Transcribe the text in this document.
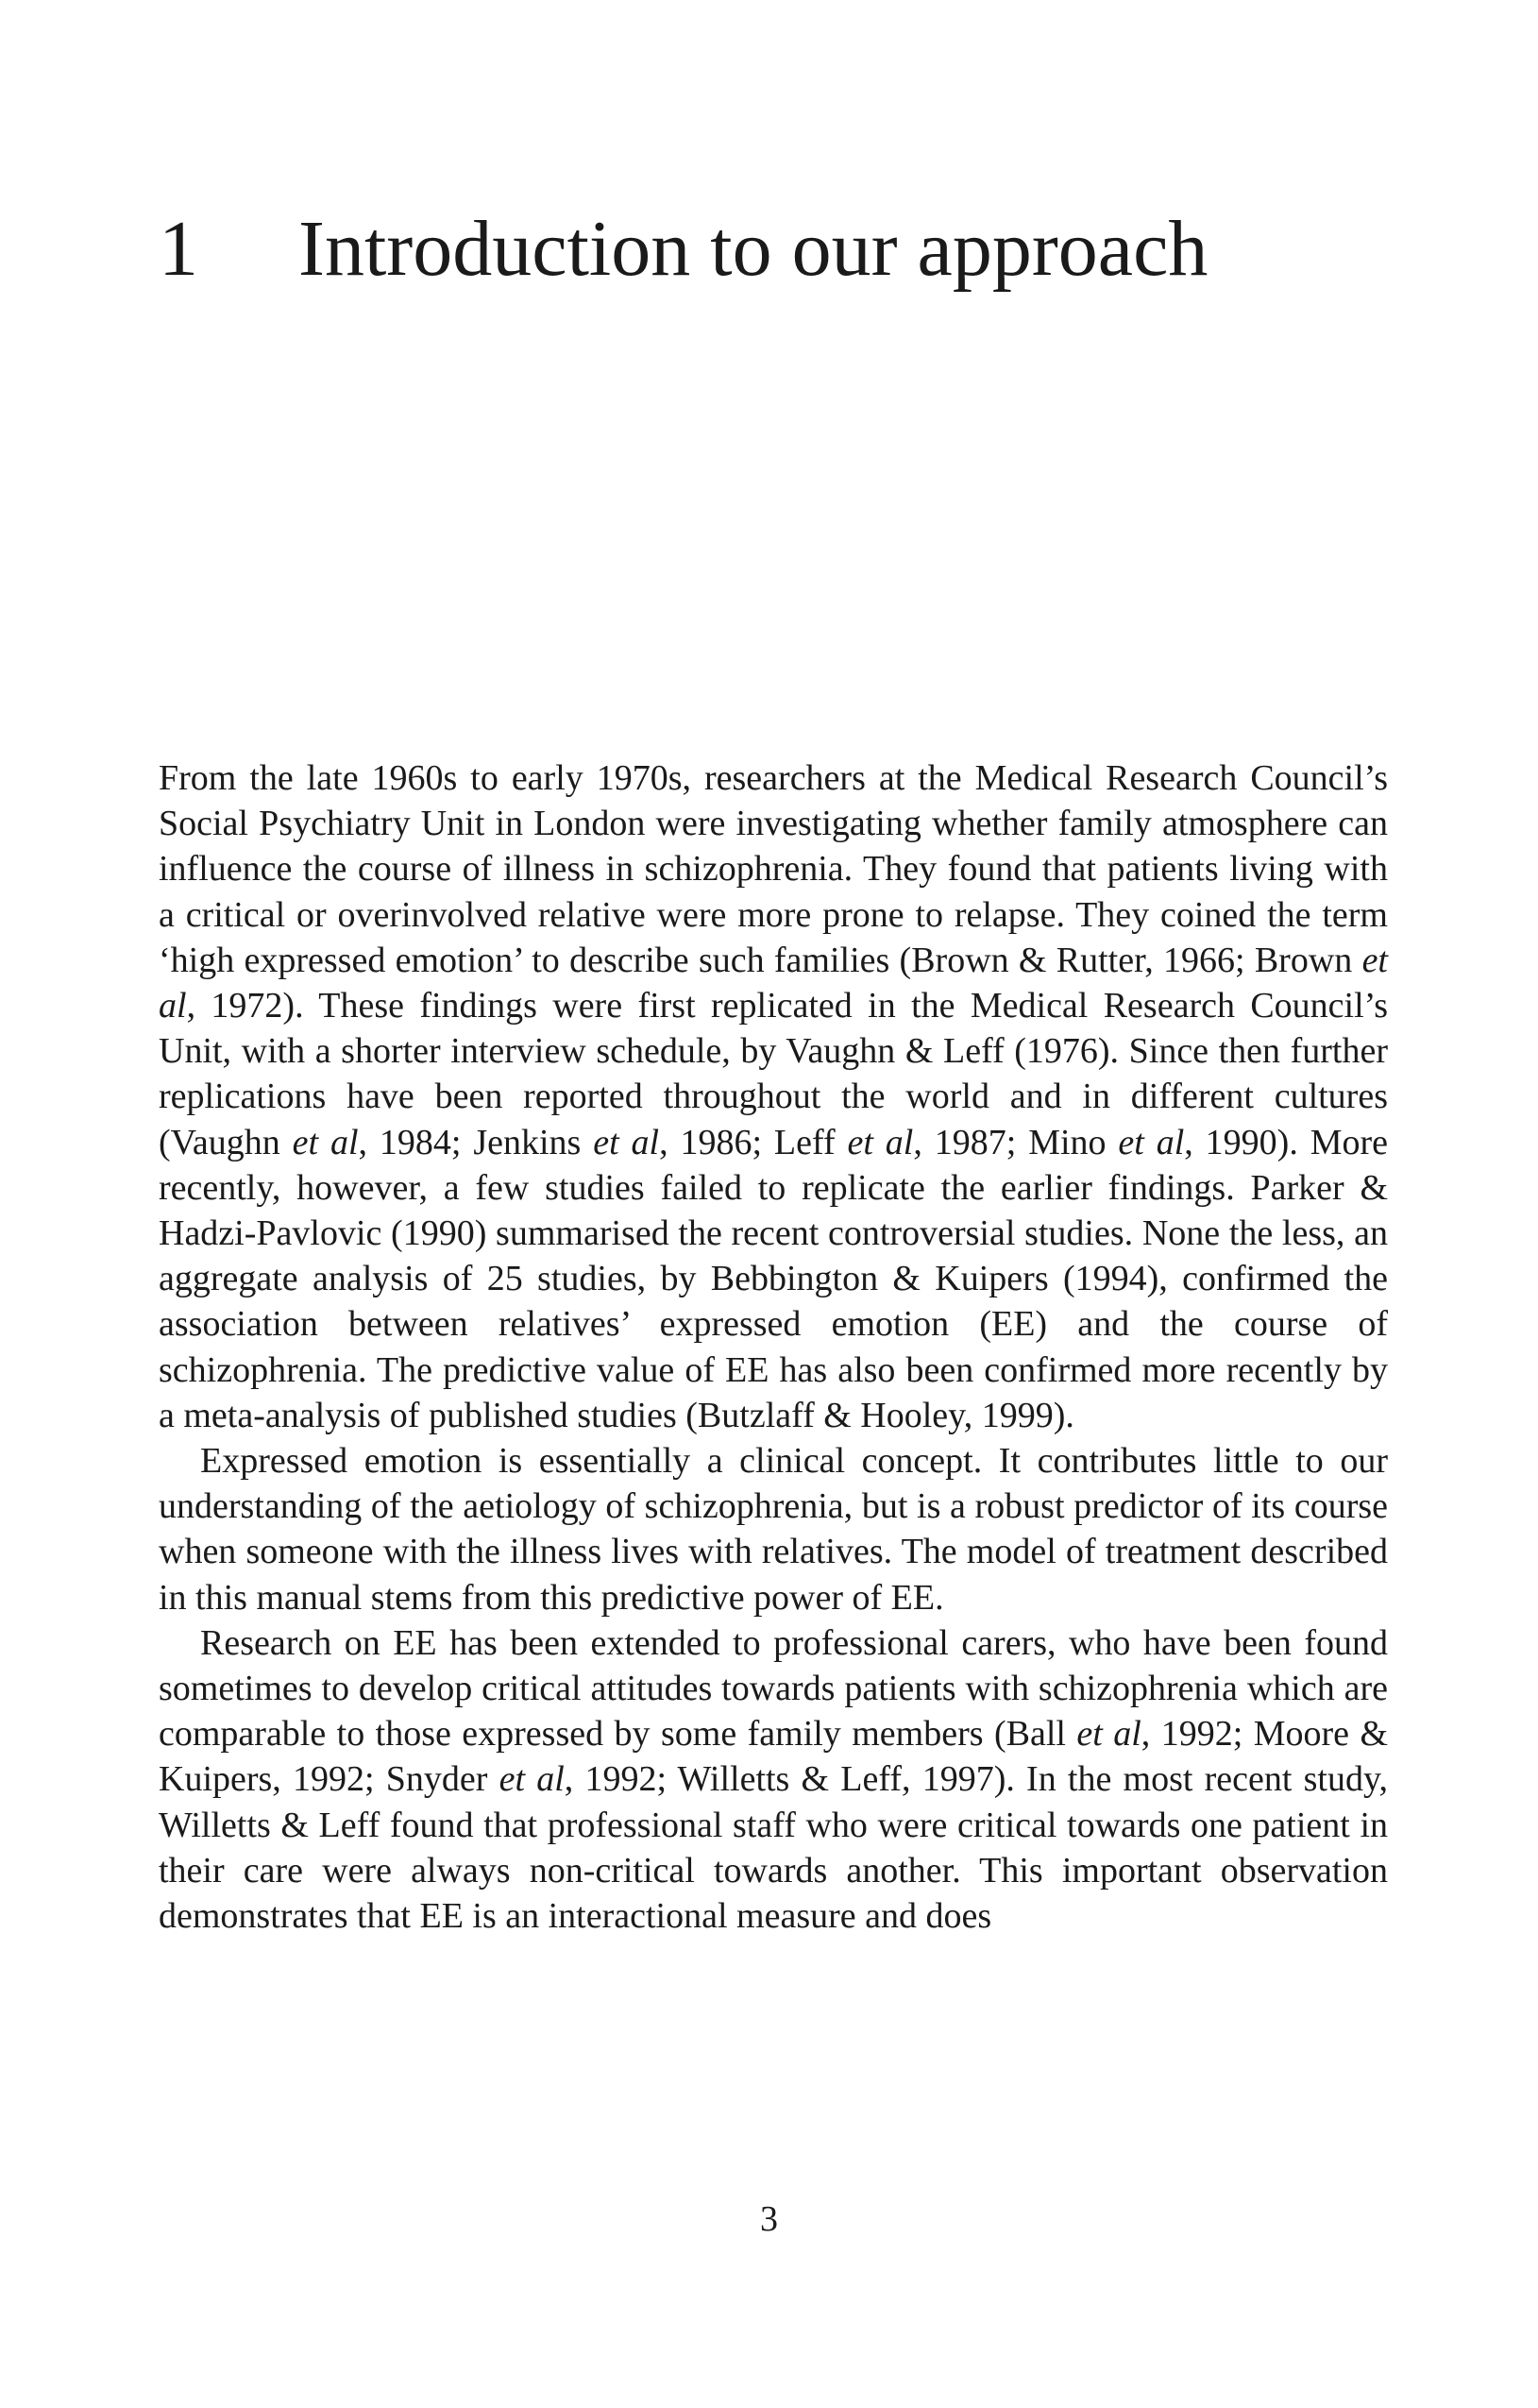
1 Introduction to our approach

From the late 1960s to early 1970s, researchers at the Medical Research Council’s Social Psychiatry Unit in London were investigating whether family atmosphere can influence the course of illness in schizophrenia. They found that patients living with a critical or overinvolved relative were more prone to relapse. They coined the term ‘high expressed emotion’ to describe such families (Brown & Rutter, 1966; Brown et al, 1972). These findings were first replicated in the Medical Research Council’s Unit, with a shorter interview schedule, by Vaughn & Leff (1976). Since then further replications have been reported throughout the world and in different cultures (Vaughn et al, 1984; Jenkins et al, 1986; Leff et al, 1987; Mino et al, 1990). More recently, however, a few studies failed to replicate the earlier findings. Parker & Hadzi-Pavlovic (1990) summarised the recent controversial studies. None the less, an aggregate analysis of 25 studies, by Bebbington & Kuipers (1994), confirmed the association between relatives’ expressed emotion (EE) and the course of schizophrenia. The predictive value of EE has also been confirmed more recently by a meta-analysis of published studies (Butzlaff & Hooley, 1999).

Expressed emotion is essentially a clinical concept. It contributes little to our understanding of the aetiology of schizophrenia, but is a robust predictor of its course when someone with the illness lives with relatives. The model of treatment described in this manual stems from this predictive power of EE.

Research on EE has been extended to professional carers, who have been found sometimes to develop critical attitudes towards patients with schizophrenia which are comparable to those expressed by some family members (Ball et al, 1992; Moore & Kuipers, 1992; Snyder et al, 1992; Willetts & Leff, 1997). In the most recent study, Willetts & Leff found that professional staff who were critical towards one patient in their care were always non-critical towards another. This important observation demonstrates that EE is an interactional measure and does

3
